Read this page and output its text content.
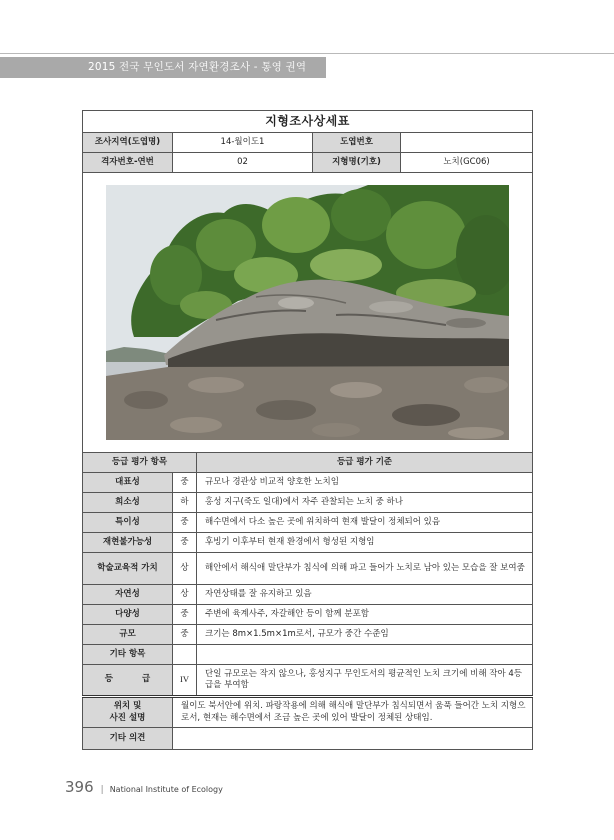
2015 전국 무인도서 자연환경조사 - 통영 권역
지형조사상세표				
조사지역(도엽명)	14-월이도1		도엽번호	
격자번호-연번	02		지형명(기호)	노치(GC06)

등급 평가 항목		등급 평가 기준		
대표성	중	규모나 경관상 비교적 양호한 노치임		
희소성	하	홍성 지구(죽도 일대)에서 자주 관찰되는 노치 중 하나		
특이성	중	해수면에서 다소 높은 곳에 위치하여 현재 발달이 정체되어 있음		
재현불가능성	중	후빙기 이후부터 현재 환경에서 형성된 지형임		
학술교육적 가치	상	해안에서 해식애 말단부가 침식에 의해 파고 들어가 노치로 남아 있는 모습을 잘 보여줌		
자연성	상	자연상태를 잘 유지하고 있음		
다양성	중	주변에 육계사주, 자갈해안 등이 함께 분포함		
규모	중	크기는 8m×1.5m×1m로서, 규모가 중간 수준임		
기타 항목				
등 급	IV	단일 규모로는 작지 않으나, 홍성지구 무인도서의 평균적인 노치 크기에 비해 작아 4등급을 부여함		

위치 및
사진 설명	월이도 북서안에 위치. 파랑작용에 의해 해식애 말단부가 침식되면서 움푹 들어간 노치 지형으로서, 현재는 해수면에서 조금 높은 곳에 있어 발달이 정체된 상태임.			
기타 의견				
396 | National Institute of Ecology
